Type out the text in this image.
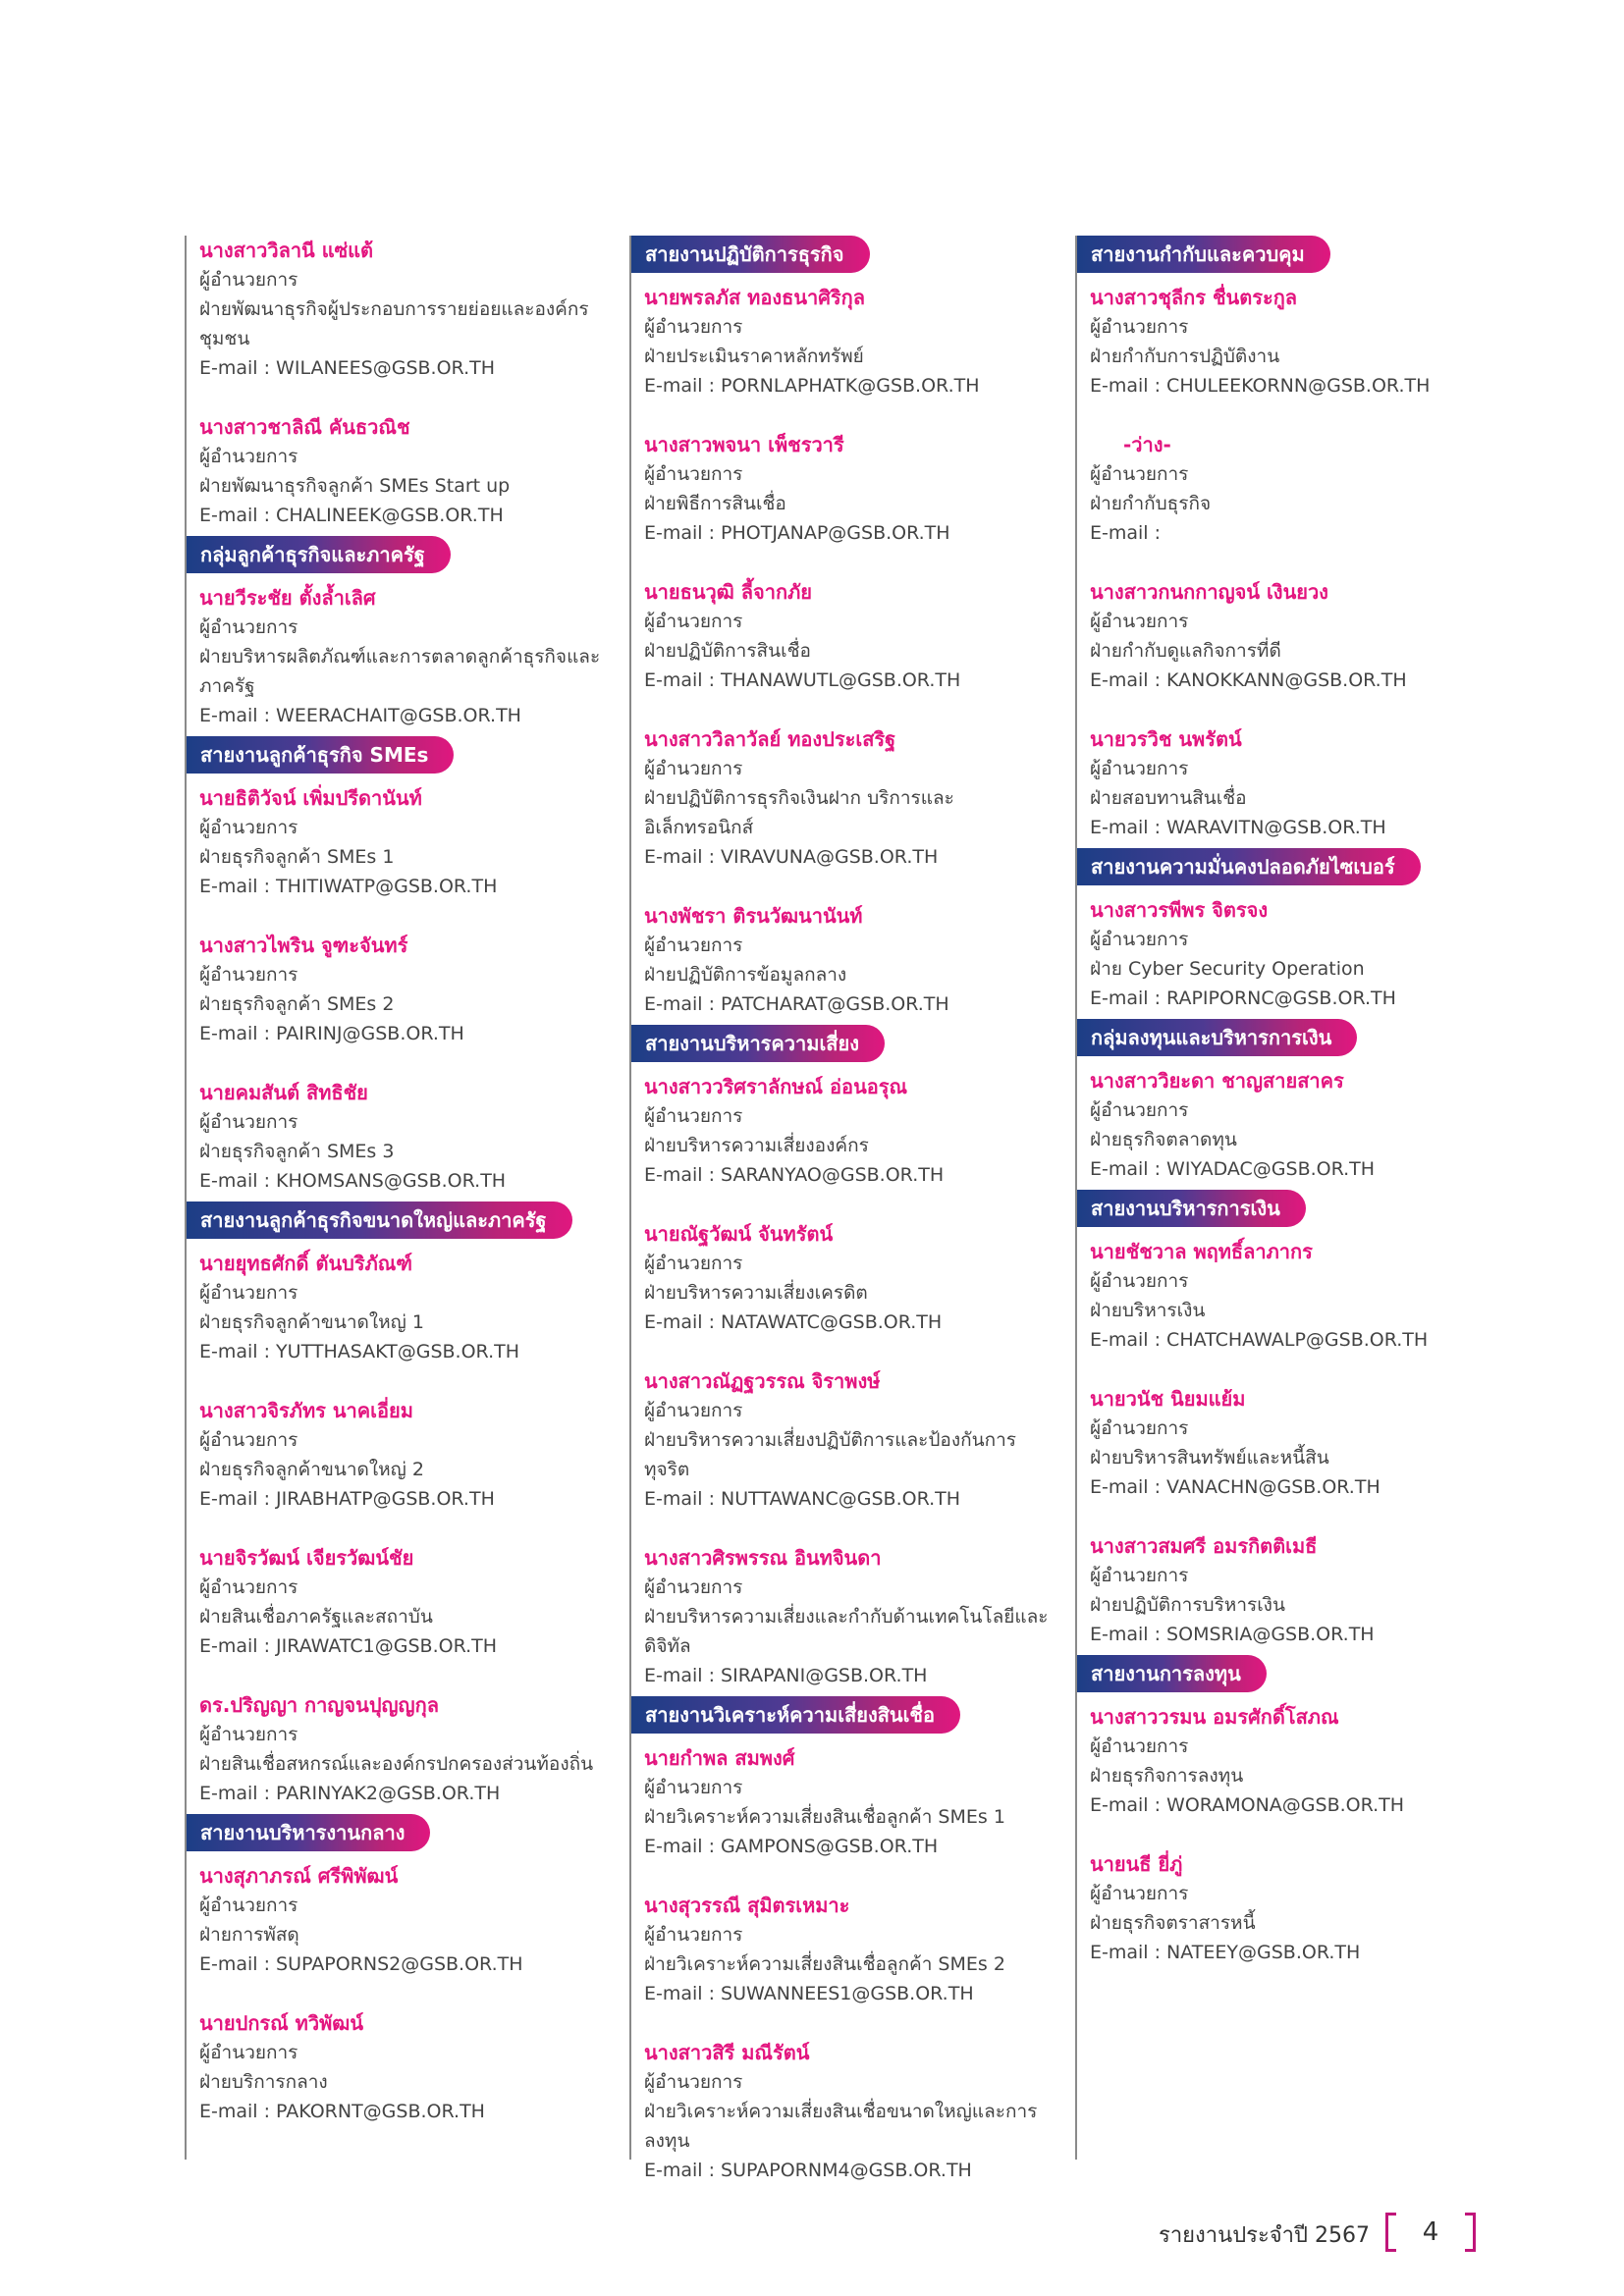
นางสาววิลานี แซ่แต้
ผู้อำนวยการ
ฝ่ายพัฒนาธุรกิจผู้ประกอบการรายย่อยและองค์กรชุมชน
E-mail : WILANEES@GSB.OR.TH
นางสาวชาลิณี คันธวณิช
ผู้อำนวยการ
ฝ่ายพัฒนาธุรกิจลูกค้า SMEs Start up
E-mail : CHALINEEK@GSB.OR.TH
กลุ่มลูกค้าธุรกิจและภาครัฐ
นายวีระชัย ตั้งล้ำเลิศ
ผู้อำนวยการ
ฝ่ายบริหารผลิตภัณฑ์และการตลาดลูกค้าธุรกิจและภาครัฐ
E-mail : WEERACHAIT@GSB.OR.TH
สายงานลูกค้าธุรกิจ SMEs
นายธิติวัจน์ เพิ่มปรีดานันท์
ผู้อำนวยการ
ฝ่ายธุรกิจลูกค้า SMEs 1
E-mail : THITIWATP@GSB.OR.TH
นางสาวไพริน จูฑะจันทร์
ผู้อำนวยการ
ฝ่ายธุรกิจลูกค้า SMEs 2
E-mail : PAIRINJ@GSB.OR.TH
นายคมสันต์ สิทธิชัย
ผู้อำนวยการ
ฝ่ายธุรกิจลูกค้า SMEs 3
E-mail : KHOMSANS@GSB.OR.TH
สายงานลูกค้าธุรกิจขนาดใหญ่และภาครัฐ
นายยุทธศักดิ์ ตันบริภัณฑ์
ผู้อำนวยการ
ฝ่ายธุรกิจลูกค้าขนาดใหญ่ 1
E-mail : YUTTHASAKT@GSB.OR.TH
นางสาวจิรภัทร นาคเอี่ยม
ผู้อำนวยการ
ฝ่ายธุรกิจลูกค้าขนาดใหญ่ 2
E-mail : JIRABHATP@GSB.OR.TH
นายจิรวัฒน์ เจียรวัฒน์ชัย
ผู้อำนวยการ
ฝ่ายสินเชื่อภาครัฐและสถาบัน
E-mail : JIRAWATC1@GSB.OR.TH
ดร.ปริญญา กาญจนปุญญกุล
ผู้อำนวยการ
ฝ่ายสินเชื่อสหกรณ์และองค์กรปกครองส่วนท้องถิ่น
E-mail : PARINYAK2@GSB.OR.TH
สายงานบริหารงานกลาง
นางสุภาภรณ์ ศรีพิพัฒน์
ผู้อำนวยการ
ฝ่ายการพัสดุ
E-mail : SUPAPORNS2@GSB.OR.TH
นายปกรณ์ ทวิพัฒน์
ผู้อำนวยการ
ฝ่ายบริการกลาง
E-mail : PAKORNT@GSB.OR.TH
สายงานปฏิบัติการธุรกิจ
นายพรลภัส ทองธนาศิริกุล
ผู้อำนวยการ
ฝ่ายประเมินราคาหลักทรัพย์
E-mail : PORNLAPHATK@GSB.OR.TH
นางสาวพจนา เพ็ชรวารี
ผู้อำนวยการ
ฝ่ายพิธีการสินเชื่อ
E-mail : PHOTJANAP@GSB.OR.TH
นายธนวุฒิ ลี้จากภัย
ผู้อำนวยการ
ฝ่ายปฏิบัติการสินเชื่อ
E-mail : THANAWUTL@GSB.OR.TH
นางสาววิลาวัลย์ ทองประเสริฐ
ผู้อำนวยการ
ฝ่ายปฏิบัติการธุรกิจเงินฝาก บริการและอิเล็กทรอนิกส์
E-mail : VIRAVUNA@GSB.OR.TH
นางพัชรา ติรนวัฒนานันท์
ผู้อำนวยการ
ฝ่ายปฏิบัติการข้อมูลกลาง
E-mail : PATCHARAT@GSB.OR.TH
สายงานบริหารความเสี่ยง
นางสาววริศราลักษณ์ อ่อนอรุณ
ผู้อำนวยการ
ฝ่ายบริหารความเสี่ยงองค์กร
E-mail : SARANYAO@GSB.OR.TH
นายณัฐวัฒน์ จันทรัตน์
ผู้อำนวยการ
ฝ่ายบริหารความเสี่ยงเครดิต
E-mail : NATAWATC@GSB.OR.TH
นางสาวณัฏฐวรรณ จิราพงษ์
ผู้อำนวยการ
ฝ่ายบริหารความเสี่ยงปฏิบัติการและป้องกันการทุจริต
E-mail : NUTTAWANC@GSB.OR.TH
นางสาวศิรพรรณ อินทจินดา
ผู้อำนวยการ
ฝ่ายบริหารความเสี่ยงและกำกับด้านเทคโนโลยีและดิจิทัล
E-mail : SIRAPANI@GSB.OR.TH
สายงานวิเคราะห์ความเสี่ยงสินเชื่อ
นายกำพล สมพงศ์
ผู้อำนวยการ
ฝ่ายวิเคราะห์ความเสี่ยงสินเชื่อลูกค้า SMEs 1
E-mail : GAMPONS@GSB.OR.TH
นางสุวรรณี สุมิตรเหมาะ
ผู้อำนวยการ
ฝ่ายวิเคราะห์ความเสี่ยงสินเชื่อลูกค้า SMEs 2
E-mail : SUWANNEES1@GSB.OR.TH
นางสาวสิรี มณีรัตน์
ผู้อำนวยการ
ฝ่ายวิเคราะห์ความเสี่ยงสินเชื่อขนาดใหญ่และการลงทุน
E-mail : SUPAPORNM4@GSB.OR.TH
สายงานกำกับและควบคุม
นางสาวชุลีกร ชื่นตระกูล
ผู้อำนวยการ
ฝ่ายกำกับการปฏิบัติงาน
E-mail : CHULEEKORNN@GSB.OR.TH
-ว่าง-
ผู้อำนวยการ
ฝ่ายกำกับธุรกิจ
E-mail :
นางสาวกนกกาญจน์ เงินยวง
ผู้อำนวยการ
ฝ่ายกำกับดูแลกิจการที่ดี
E-mail : KANOKKANN@GSB.OR.TH
นายวรวิช นพรัตน์
ผู้อำนวยการ
ฝ่ายสอบทานสินเชื่อ
E-mail : WARAVITN@GSB.OR.TH
สายงานความมั่นคงปลอดภัยไซเบอร์
นางสาวรพีพร จิตรจง
ผู้อำนวยการ
ฝ่าย Cyber Security Operation
E-mail : RAPIPORNC@GSB.OR.TH
กลุ่มลงทุนและบริหารการเงิน
นางสาววิยะดา ชาญสายสาคร
ผู้อำนวยการ
ฝ่ายธุรกิจตลาดทุน
E-mail : WIYADAC@GSB.OR.TH
สายงานบริหารการเงิน
นายชัชวาล พฤทธิ์ลาภากร
ผู้อำนวยการ
ฝ่ายบริหารเงิน
E-mail : CHATCHAWALP@GSB.OR.TH
นายวนัช นิยมแย้ม
ผู้อำนวยการ
ฝ่ายบริหารสินทรัพย์และหนี้สิน
E-mail : VANACHN@GSB.OR.TH
นางสาวสมศรี อมรกิตติเมธี
ผู้อำนวยการ
ฝ่ายปฏิบัติการบริหารเงิน
E-mail : SOMSRIA@GSB.OR.TH
สายงานการลงทุน
นางสาววรมน อมรศักดิ์โสภณ
ผู้อำนวยการ
ฝ่ายธุรกิจการลงทุน
E-mail : WORAMONA@GSB.OR.TH
นายนธี ยี่ภู่
ผู้อำนวยการ
ฝ่ายธุรกิจตราสารหนี้
E-mail : NATEEY@GSB.OR.TH
รายงานประจำปี 2567	4
